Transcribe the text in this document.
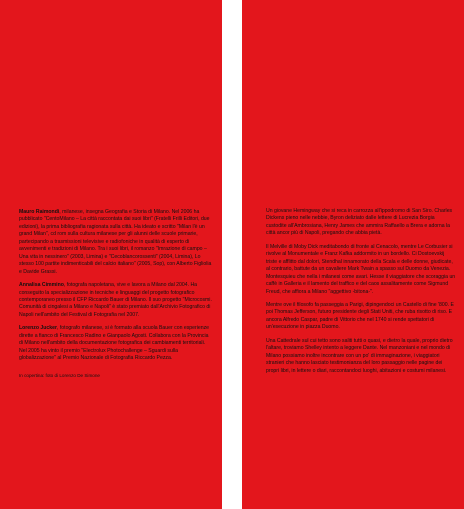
Mauro Raimondi, milanese, insegna Geografia e Storia di Milano. Nel 2006 ha pubblicato "CentoMilano – La città raccontata dai suoi libri" (Fratelli Frilli Editori, due edizioni), la prima bibliografia ragionata sulla città. Ha ideato e scritto "Milan l'è un grand Milan", cd rom sulla cultura milanese per gli alunni delle scuole primarie, partecipando a trasmissioni televisive e radiofoniche in qualità di esperto di avvenimenti e tradizioni di Milano. Tra i suoi libri, il romanzo "Imrazione di campo – Una vita in nessinero" (2003, Limina) e "Cecoblancorossenti" (2004, Limina), Lo stesso 100 partite indimenticabili del calcio italiano" (2005, Sop), con Alberto Figliolia e Davide Grassi.

Annalisa Cimmino, fotografa napoletana, vive e lavora a Milano dal 2004. Ha conseguito la specializzazione in tecniche e linguaggi del progetto fotografico contemporaneo presso il CFP Riccardo Bauer di Milano. Il suo progetto "Microcosmi. Comunità di cingalesi a Milano e Napoli" è stato premiato dall'Archivio Fotografico di Napoli nell'ambito del Festival di Fotografia nel 2007.

Lorenzo Jucker, fotografo milanese, si è formato alla scuola Bauer con esperienze dirette a fianco di Francesco Radino e Gianpaolo Agosti. Collabora con la Provincia di Milano nell'ambito della documentazione fotografica dei cambiamenti territoriali. Nel 2005 ha vinto il premio "Electrolux Photochallenge – Sguardi sulla globalizzazione" al Premio Nazionale di Fotografia Riccardo Pezza.

In copertina: foto di Lorenzo De Simone

Un giovane Hemingway che si reca in carrozza all'ippodromo di San Siro. Charles Dickens pieno nelle nebbie, Byron deliziato dalle lettere di Lucrezia Borgia custodite all'Ambrosiana, Henry James che ammira Raffaello a Brera e adorna la città ancor più di Napoli, pregando che abbia pietà.

Il Melville di Moby Dick meditabondo di fronte al Cenacolo, mentre Le Corbusier si rivolve al Monumentale e Franz Kafka addormito in un bordello. Ci Dostoevskij triste e afflitto dal dolori, Stendhal innamorato della Scala e delle donne, giudicate, al contrario, battute da un cavaliere Mark Twain a spasso sul Duomo da Venezia. Montesquieu che nella i milanesi come avari. Hesse il viaggiatore che scoraggia un caffè in Galleria e il lamento del traffico e del caos assalitamente come Sigmund Freud, che affiora a Milano "aggettivo -bitona-".

Mentre ove il filosofo fa passeggia a Parigi, dipingendoci un Castello di fine '800. E poi Thomas Jefferson, futuro presidente degli Stati Uniti, che ruba risotto di riso. E ancora Alfredo Caspar, padre di Vittorio che nel 1740 si rende spettatori di un'esecuzione in piazza Duomo.

Una Cattedrale sul cui tetto sono saliti tutti o quasi, e dietro la quale, proprio dietro l'altare, troviamo Shelley intento a leggere Dante. Nel manzoniani e nel mondo di Milano possiamo inoltre incontrare con un po' di immaginazione, i viaggiatori stranieri che hanno lasciato testimonianza del loro passaggio nelle pagine dei propri libri, in lettere o diari, raccontandoci luoghi, abitazioni e costumi milanesi.
